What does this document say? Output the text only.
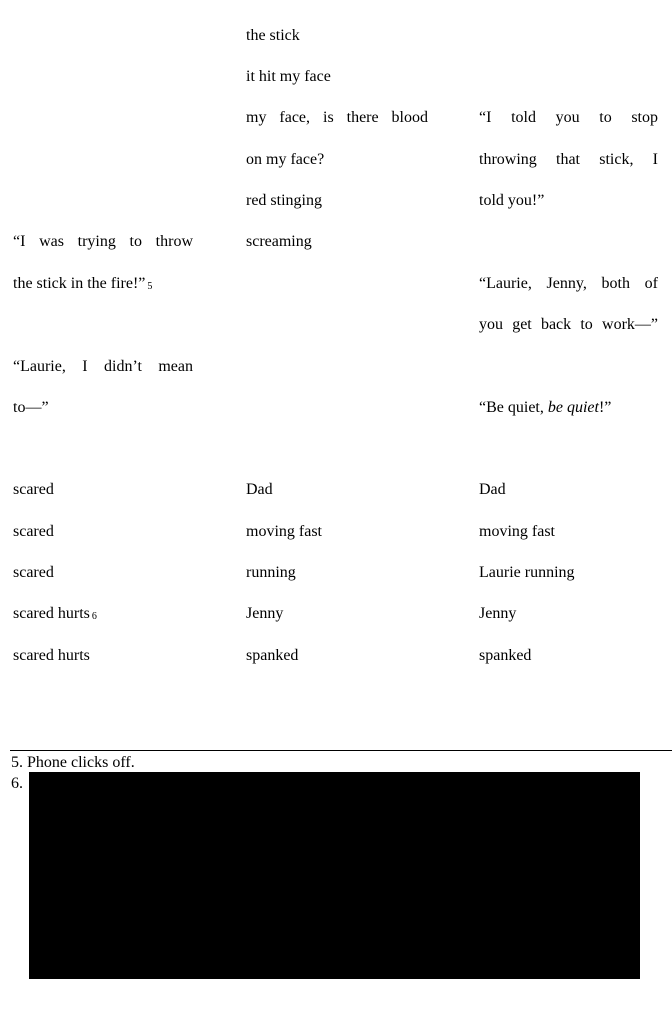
the stick

it hit my face

my face, is there blood

on my face?

red stinging

screaming

“I told you to stop

throwing that stick, I

told you!”

“Laurie, Jenny, both of

you get back to work—”

“Be quiet, be quiet!”

“I was trying to throw

the stick in the fire!” 5

“Laurie, I didn’t mean

to—”

scared

scared

scared

scared hurts 6

scared hurts

Dad

moving fast

running

Jenny

spanked

Dad

moving fast

Laurie running

Jenny

spanked

5. Phone clicks off.
6.
